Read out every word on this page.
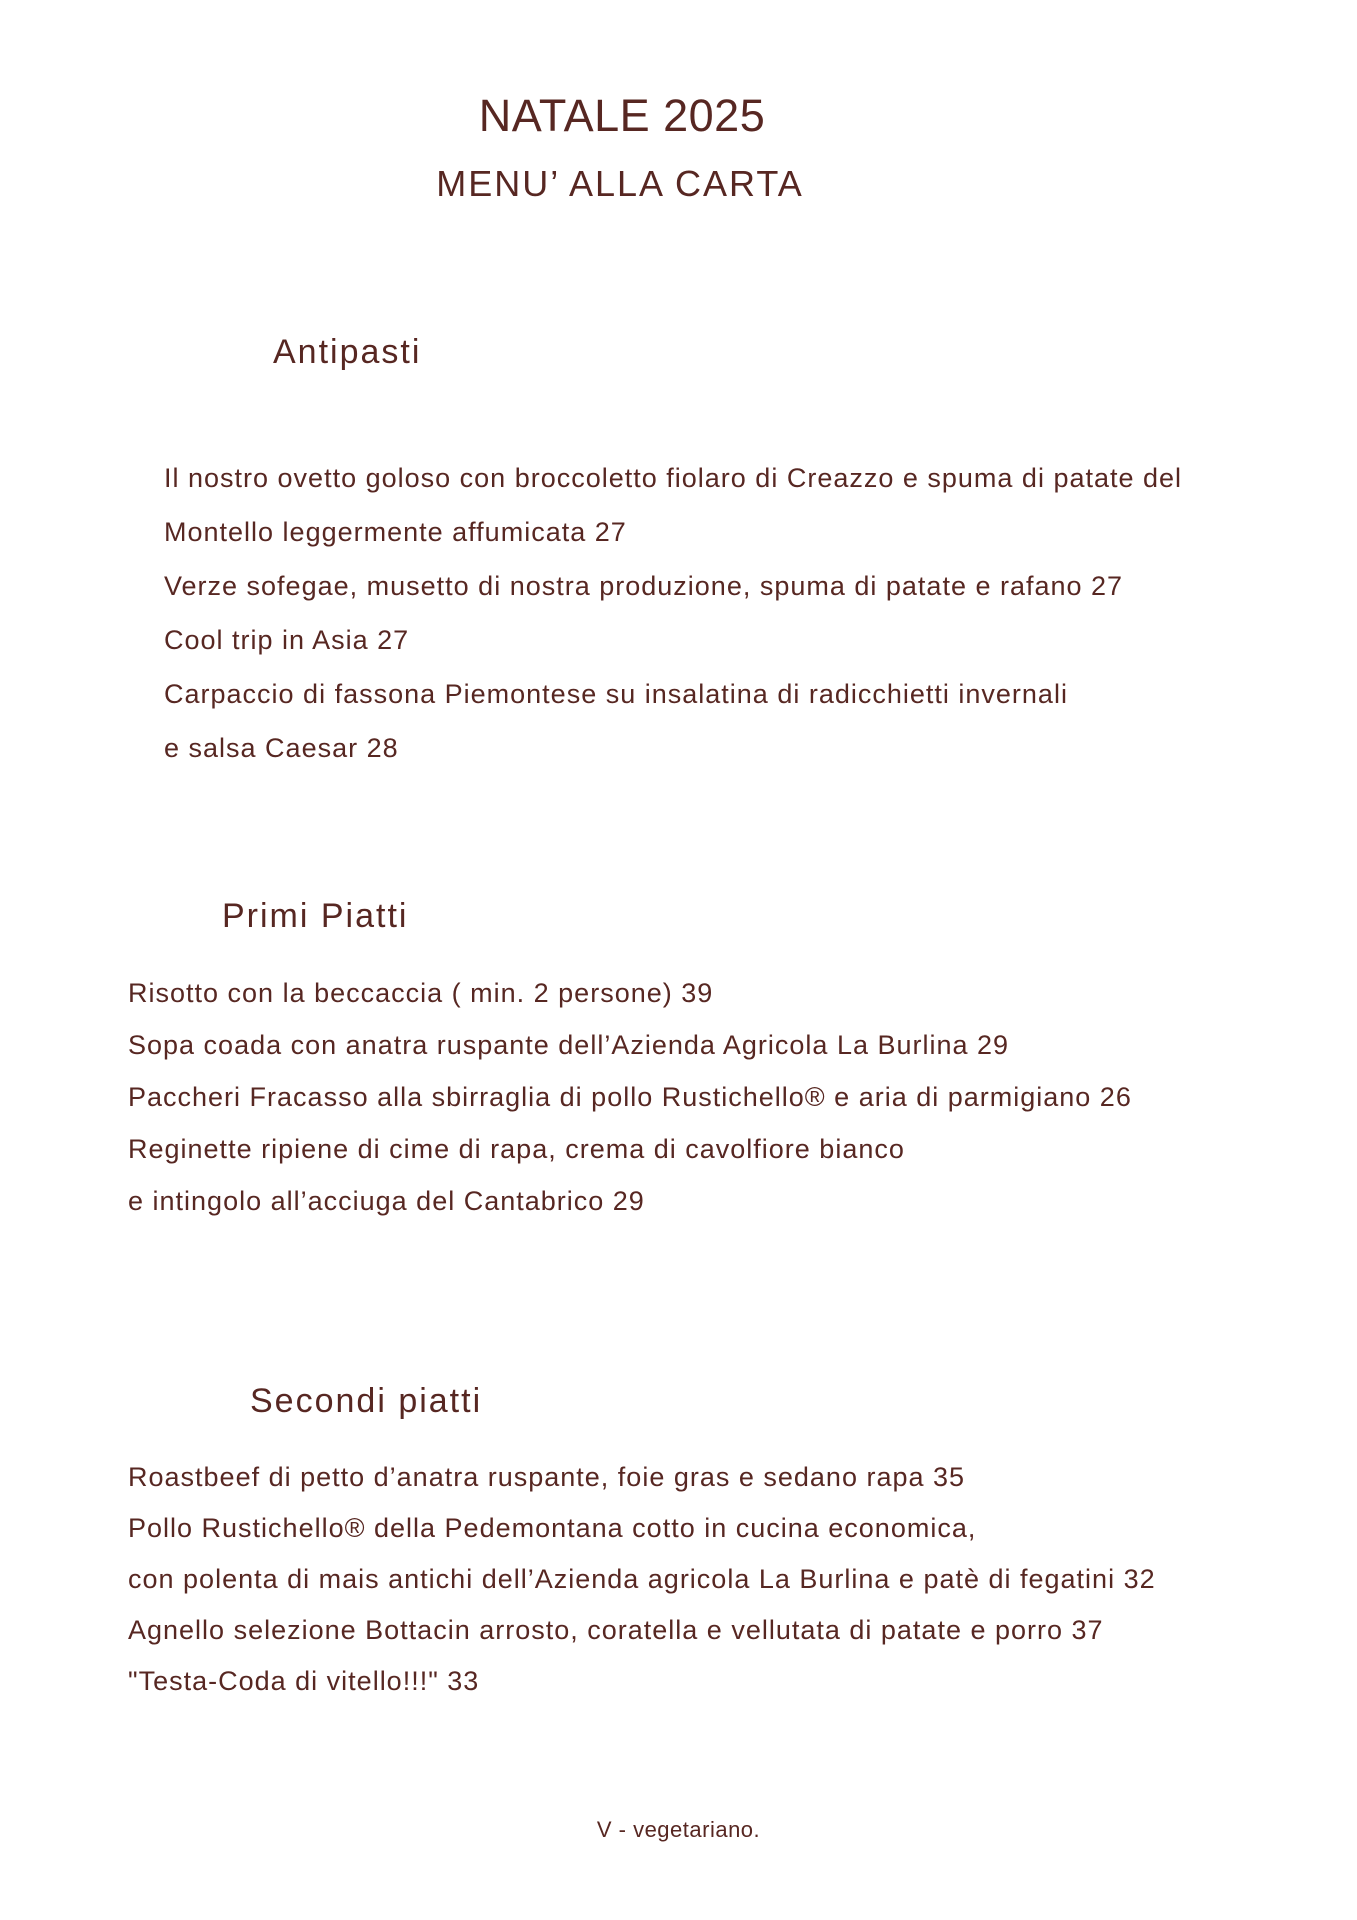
NATALE 2025
MENU’ ALLA CARTA
Antipasti
Il nostro ovetto goloso con broccoletto fiolaro di Creazzo e spuma di patate del
Montello leggermente affumicata 27
Verze sofegae, musetto di nostra produzione, spuma di patate e rafano 27
Cool trip in Asia 27
Carpaccio di fassona Piemontese su insalatina di radicchietti invernali
e salsa Caesar 28
Primi Piatti
Risotto con la beccaccia ( min. 2 persone) 39
Sopa coada con anatra ruspante dell’Azienda Agricola La Burlina 29
Paccheri Fracasso alla sbirraglia di pollo Rustichello® e aria di parmigiano 26
Reginette ripiene di cime di rapa, crema di cavolfiore bianco
e intingolo all’acciuga del Cantabrico 29
Secondi piatti
Roastbeef di petto d’anatra ruspante, foie gras e sedano rapa 35
Pollo Rustichello® della Pedemontana cotto in cucina economica,
con polenta di mais antichi dell’Azienda agricola La Burlina e patè di fegatini 32
Agnello selezione Bottacin arrosto, coratella e vellutata di patate e porro 37
"Testa-Coda di vitello!!!" 33
V - vegetariano.
